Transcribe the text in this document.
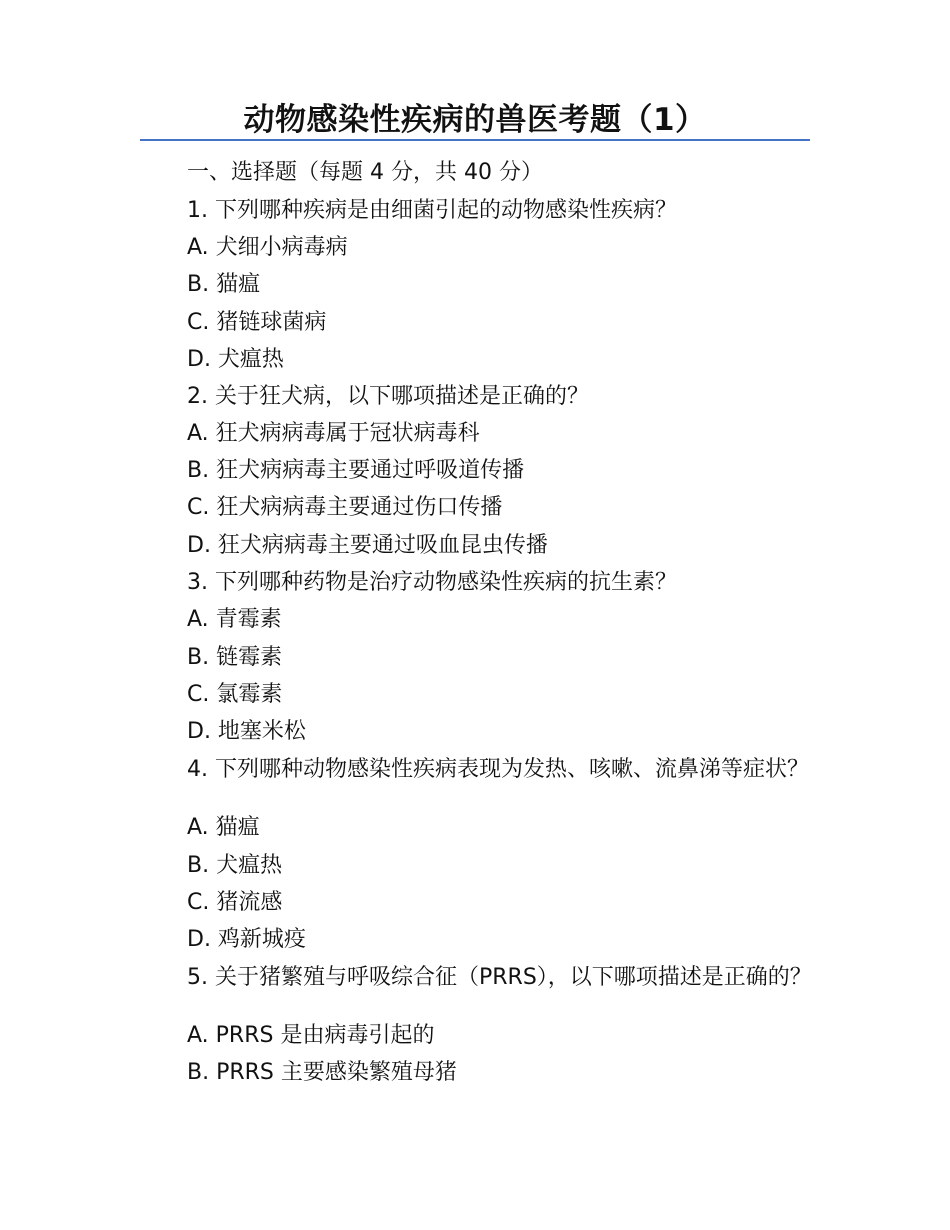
动物感染性疾病的兽医考题（1）
一、选择题（每题 4 分，共 40 分）
1. 下列哪种疾病是由细菌引起的动物感染性疾病？
A. 犬细小病毒病
B. 猫瘟
C. 猪链球菌病
D. 犬瘟热
2. 关于狂犬病，以下哪项描述是正确的？
A. 狂犬病病毒属于冠状病毒科
B. 狂犬病病毒主要通过呼吸道传播
C. 狂犬病病毒主要通过伤口传播
D. 狂犬病病毒主要通过吸血昆虫传播
3. 下列哪种药物是治疗动物感染性疾病的抗生素？
A. 青霉素
B. 链霉素
C. 氯霉素
D. 地塞米松
4. 下列哪种动物感染性疾病表现为发热、咳嗽、流鼻涕等症状？
A. 猫瘟
B. 犬瘟热
C. 猪流感
D. 鸡新城疫
5. 关于猪繁殖与呼吸综合征（PRRS），以下哪项描述是正确的？
A. PRRS 是由病毒引起的
B. PRRS 主要感染繁殖母猪
